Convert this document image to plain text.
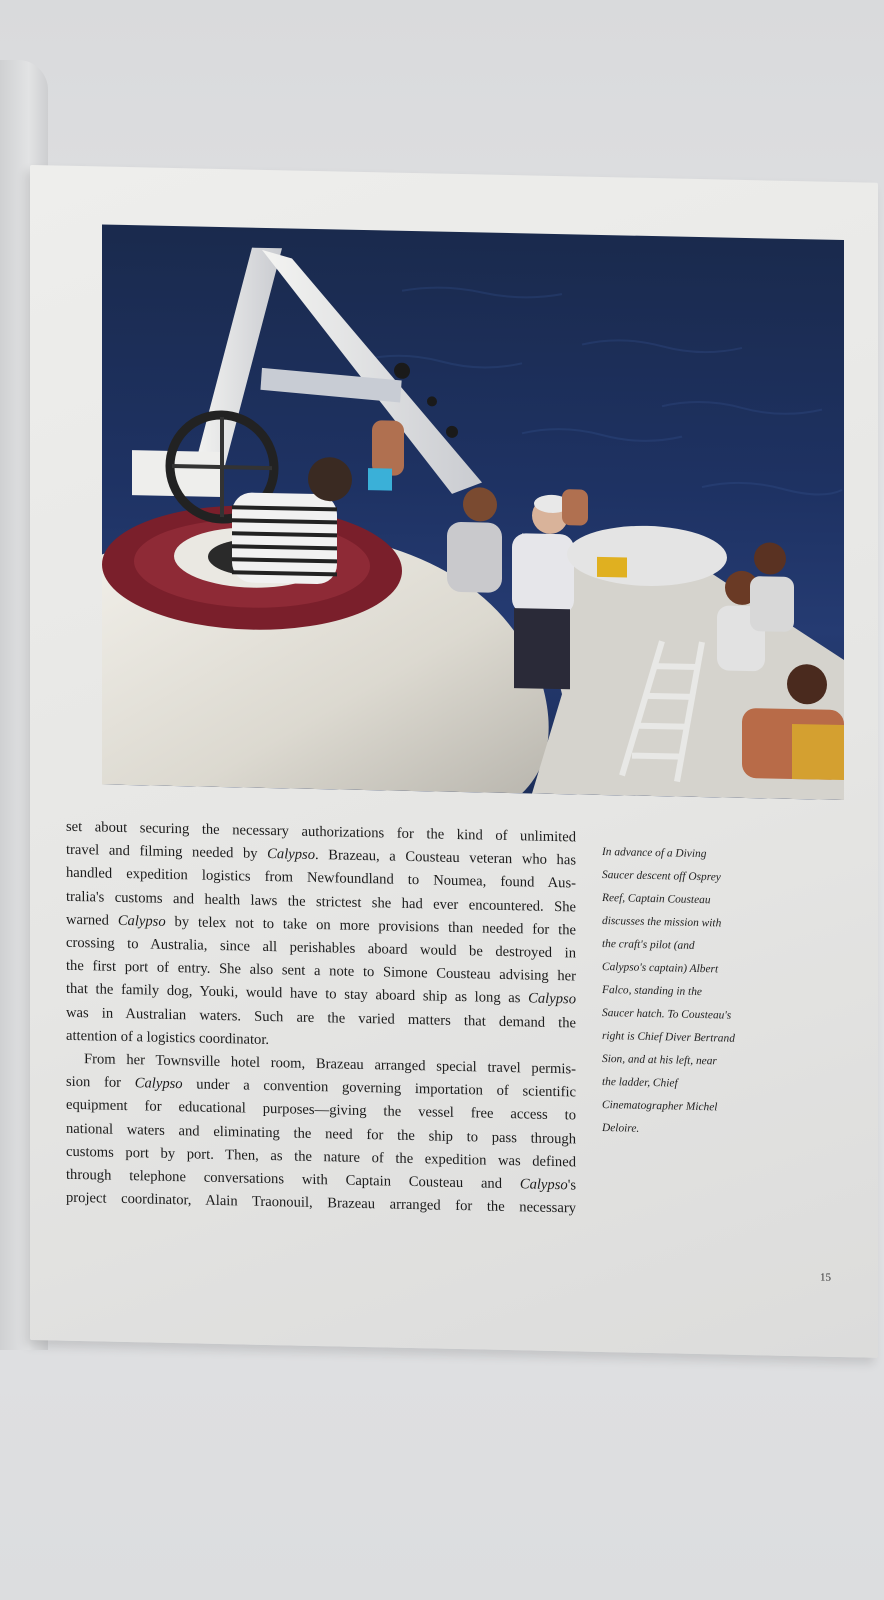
set about securing the necessary authorizations for the kind of unlimited
travel and filming needed by Calypso. Brazeau, a Cousteau veteran who has
handled expedition logistics from Newfoundland to Noumea, found Aus-
tralia's customs and health laws the strictest she had ever encountered. She
warned Calypso by telex not to take on more provisions than needed for the
crossing to Australia, since all perishables aboard would be destroyed in
the first port of entry. She also sent a note to Simone Cousteau advising her
that the family dog, Youki, would have to stay aboard ship as long as Calypso
was in Australian waters. Such are the varied matters that demand the
attention of a logistics coordinator.
From her Townsville hotel room, Brazeau arranged special travel permis-
sion for Calypso under a convention governing importation of scientific
equipment for educational purposes—giving the vessel free access to
national waters and eliminating the need for the ship to pass through
customs port by port. Then, as the nature of the expedition was defined
through telephone conversations with Captain Cousteau and Calypso's
project coordinator, Alain Traonouil, Brazeau arranged for the necessary
In advance of a Diving
Saucer descent off Osprey
Reef, Captain Cousteau
discusses the mission with
the craft's pilot (and
Calypso's captain) Albert
Falco, standing in the
Saucer hatch. To Cousteau's
right is Chief Diver Bertrand
Sion, and at his left, near
the ladder, Chief
Cinematographer Michel
Deloire.
15
